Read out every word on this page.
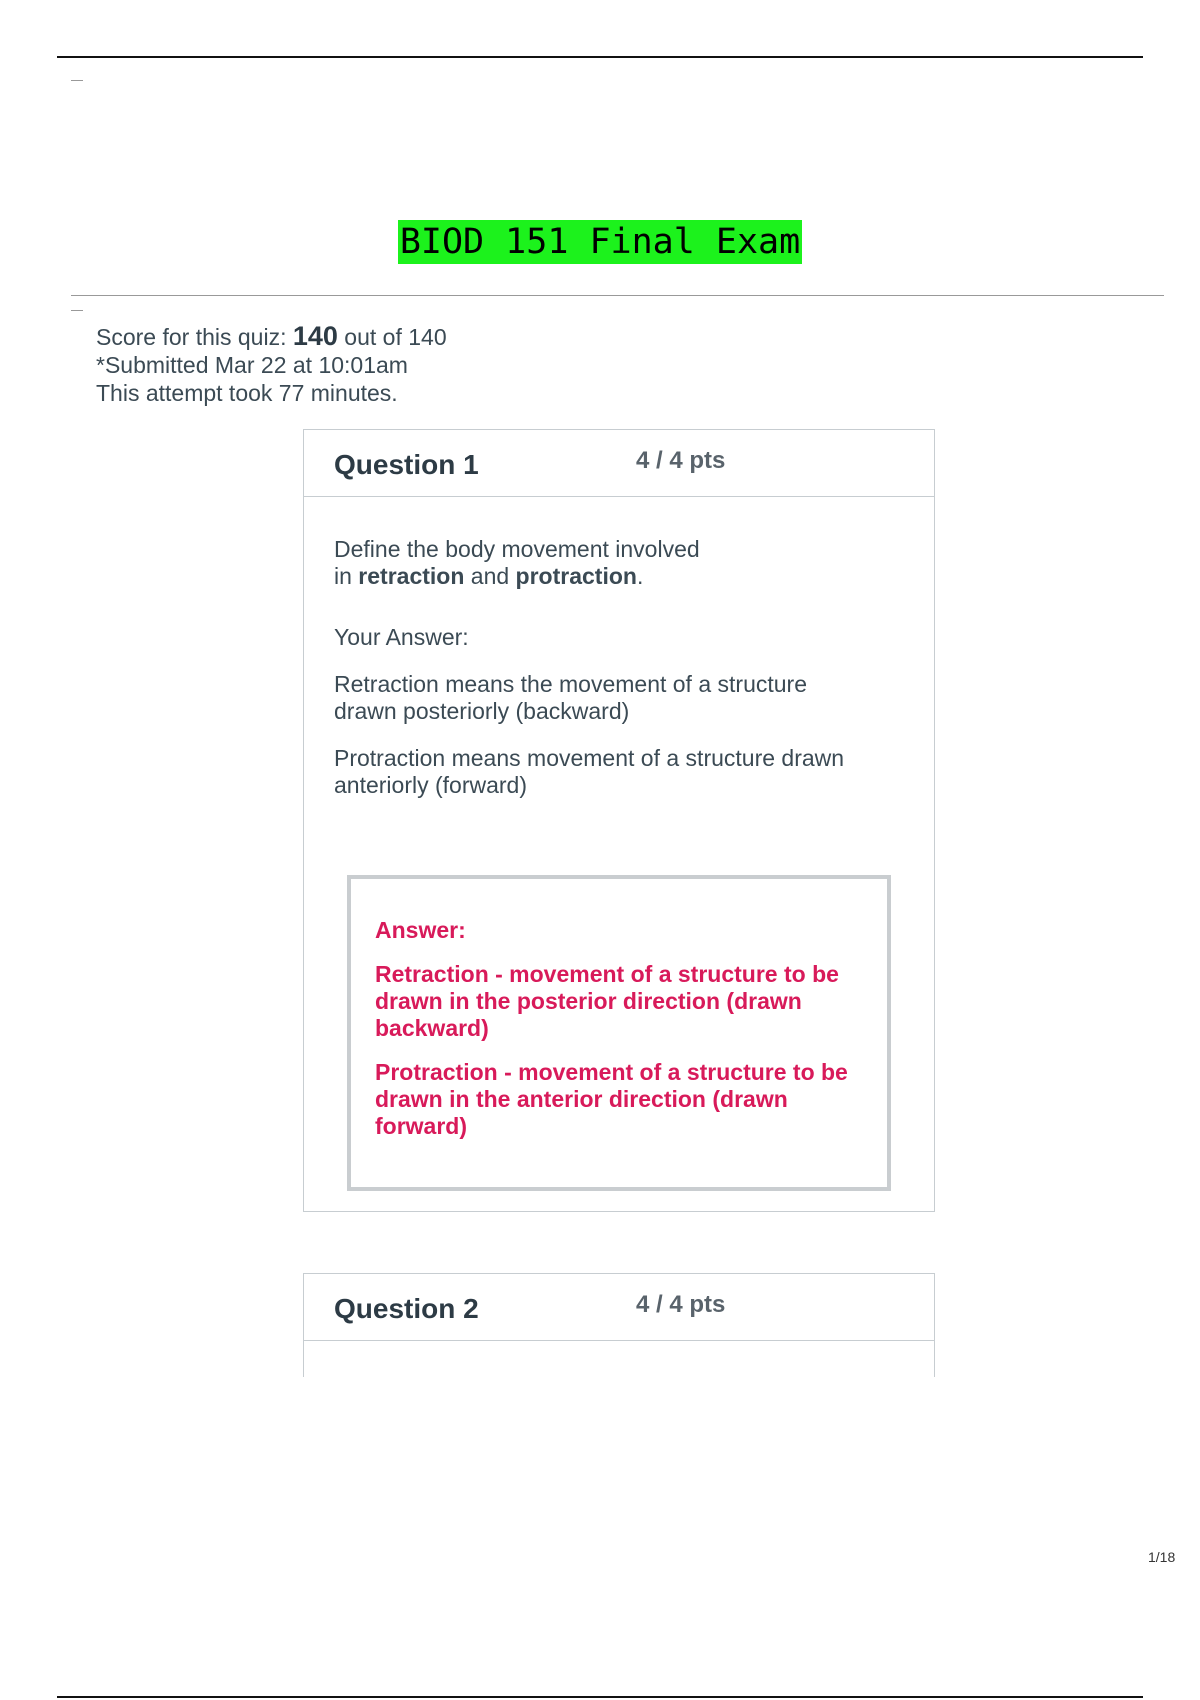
BIOD 151 Final Exam
Score for this quiz: 140 out of 140
*Submitted Mar 22 at 10:01am
This attempt took 77 minutes.
Question 1	4 / 4 pts

Define the body movement involved
in retraction and protraction.

Your Answer:

Retraction means the movement of a structure drawn posteriorly (backward)

Protraction means movement of a structure drawn anteriorly (forward)

Answer:

Retraction - movement of a structure to be drawn in the posterior direction (drawn backward)

Protraction - movement of a structure to be drawn in the anterior direction (drawn forward)

Question 2	4 / 4 pts
1/18
